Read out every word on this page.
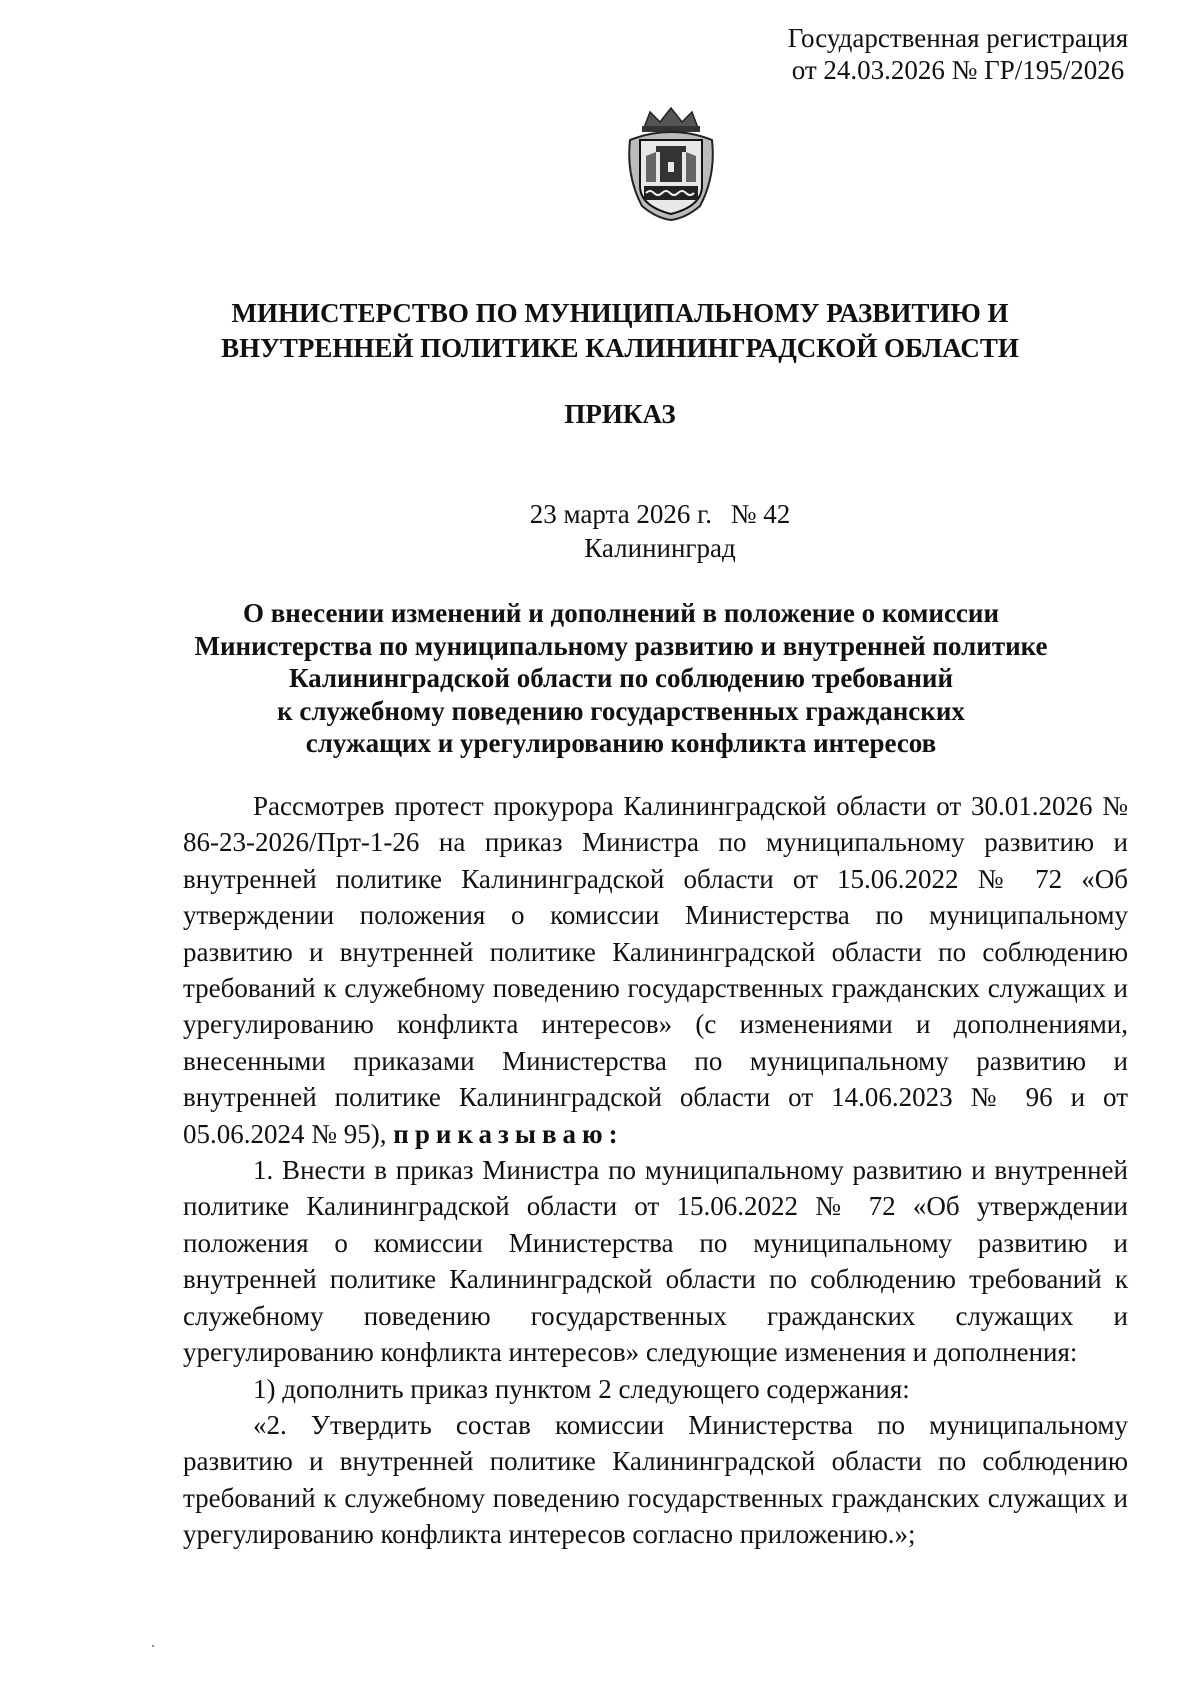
Государственная регистрация
от 24.03.2026 № ГР/195/2026
МИНИСТЕРСТВО ПО МУНИЦИПАЛЬНОМУ РАЗВИТИЮ И
ВНУТРЕННЕЙ ПОЛИТИКЕ КАЛИНИНГРАДСКОЙ ОБЛАСТИ
ПРИКАЗ
23 марта 2026 г. № 42
Калининград
О внесении изменений и дополнений в положение о комиссии
Министерства по муниципальному развитию и внутренней политике
Калининградской области по соблюдению требований
к служебному поведению государственных гражданских
служащих и урегулированию конфликта интересов

Рассмотрев протест прокурора Калининградской области от 30.01.2026 № 86-23-2026/Прт-1-26 на приказ Министра по муниципальному развитию и внутренней политике Калининградской области от 15.06.2022 № 72 «Об утверждении положения о комиссии Министерства по муниципальному развитию и внутренней политике Калининградской области по соблюдению требований к служебному поведению государственных гражданских служащих и урегулированию конфликта интересов» (с изменениями и дополнениями, внесенными приказами Министерства по муниципальному развитию и внутренней политике Калининградской области от 14.06.2023 № 96 и от 05.06.2024 № 95), приказываю:

1. Внести в приказ Министра по муниципальному развитию и внутренней политике Калининградской области от 15.06.2022 № 72 «Об утверждении положения о комиссии Министерства по муниципальному развитию и внутренней политике Калининградской области по соблюдению требований к служебному поведению государственных гражданских служащих и урегулированию конфликта интересов» следующие изменения и дополнения:

1) дополнить приказ пунктом 2 следующего содержания:

«2. Утвердить состав комиссии Министерства по муниципальному развитию и внутренней политике Калининградской области по соблюдению требований к служебному поведению государственных гражданских служащих и урегулированию конфликта интересов согласно приложению.»;
